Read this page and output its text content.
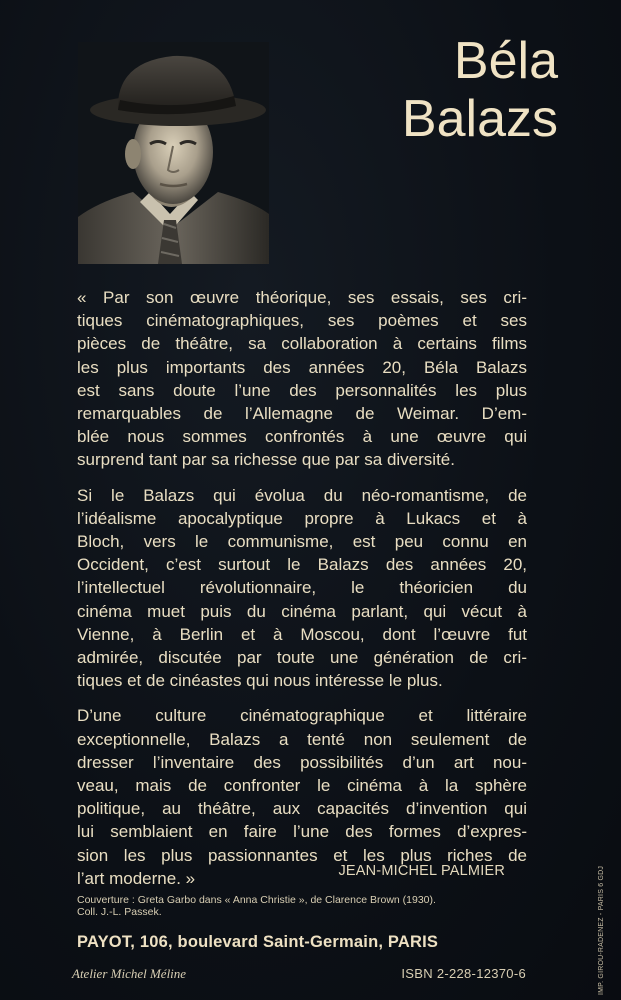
Béla
Balazs

« Par son œuvre théorique, ses essais, ses cri-
tiques cinématographiques, ses poèmes et ses
pièces de théâtre, sa collaboration à certains films
les plus importants des années 20, Béla Balazs
est sans doute l’une des personnalités les plus
remarquables de l’Allemagne de Weimar. D’em-
blée nous sommes confrontés à une œuvre qui
surprend tant par sa richesse que par sa diversité.

Si le Balazs qui évolua du néo-romantisme, de
l’idéalisme apocalyptique propre à Lukacs et à
Bloch, vers le communisme, est peu connu en
Occident, c’est surtout le Balazs des années 20,
l’intellectuel révolutionnaire, le théoricien du
cinéma muet puis du cinéma parlant, qui vécut à
Vienne, à Berlin et à Moscou, dont l’œuvre fut
admirée, discutée par toute une génération de cri-
tiques et de cinéastes qui nous intéresse le plus.

D’une culture cinématographique et littéraire
exceptionnelle, Balazs a tenté non seulement de
dresser l’inventaire des possibilités d’un art nou-
veau, mais de confronter le cinéma à la sphère
politique, au théâtre, aux capacités d’invention qui
lui semblaient en faire l’une des formes d’expres-
sion les plus passionnantes et les plus riches de
l’art moderne. »	JEAN-MICHEL PALMIER
Couverture : Greta Garbo dans « Anna Christie », de Clarence Brown (1930).
Coll. J.-L. Passek.
PAYOT, 106, boulevard Saint-Germain, PARIS
Atelier Michel Méline	ISBN 2-228-12370-6	IMP. GIROU-RADENEZ - PARIS 6 GDJ
